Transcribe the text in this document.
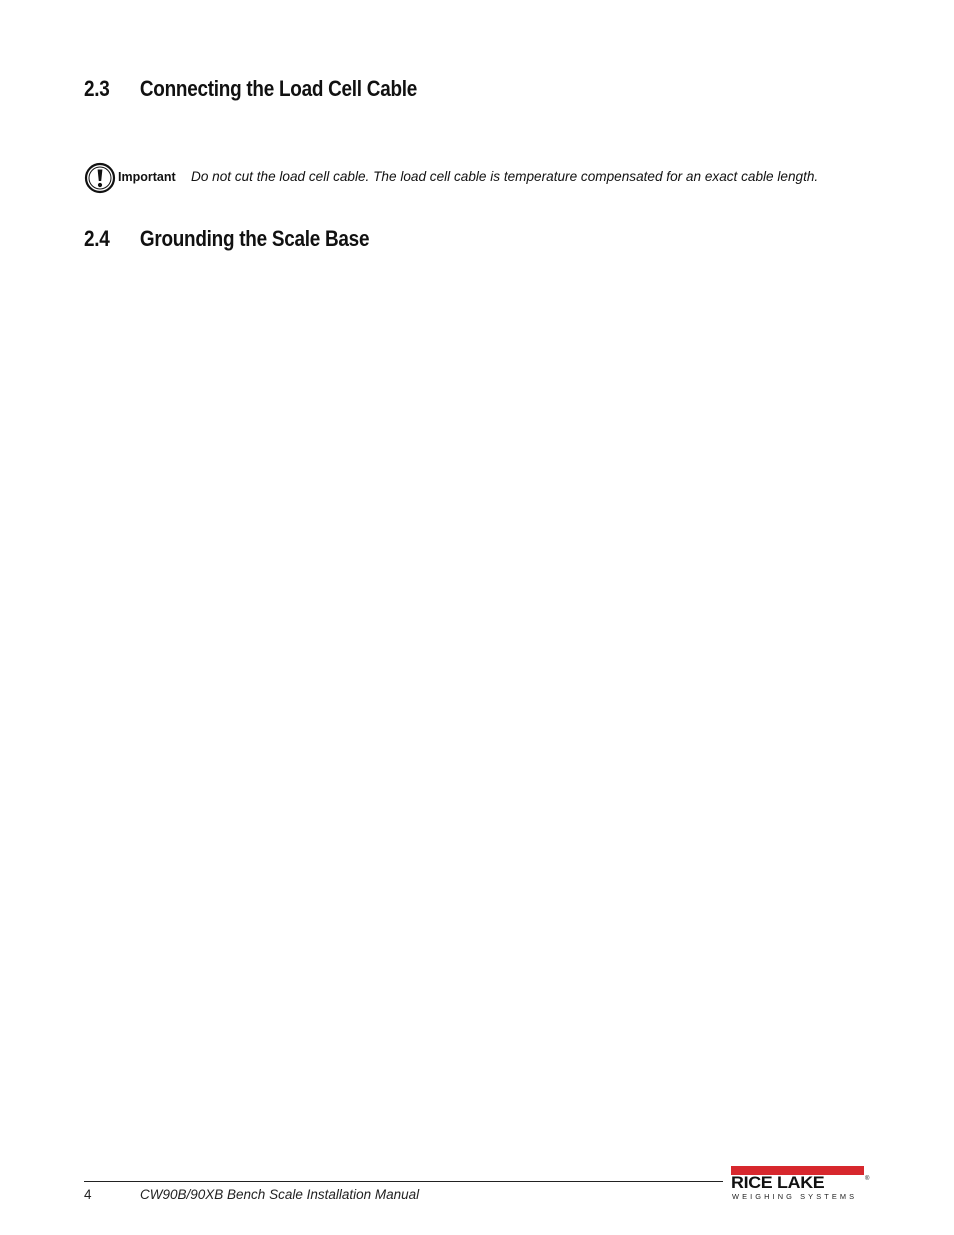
2.3 Connecting the Load Cell Cable
Important Do not cut the load cell cable. The load cell cable is temperature compensated for an exact cable length.
2.4 Grounding the Scale Base
4	CW90B/90XB Bench Scale Installation Manual
RICE LAKE	®
WEIGHING SYSTEMS
